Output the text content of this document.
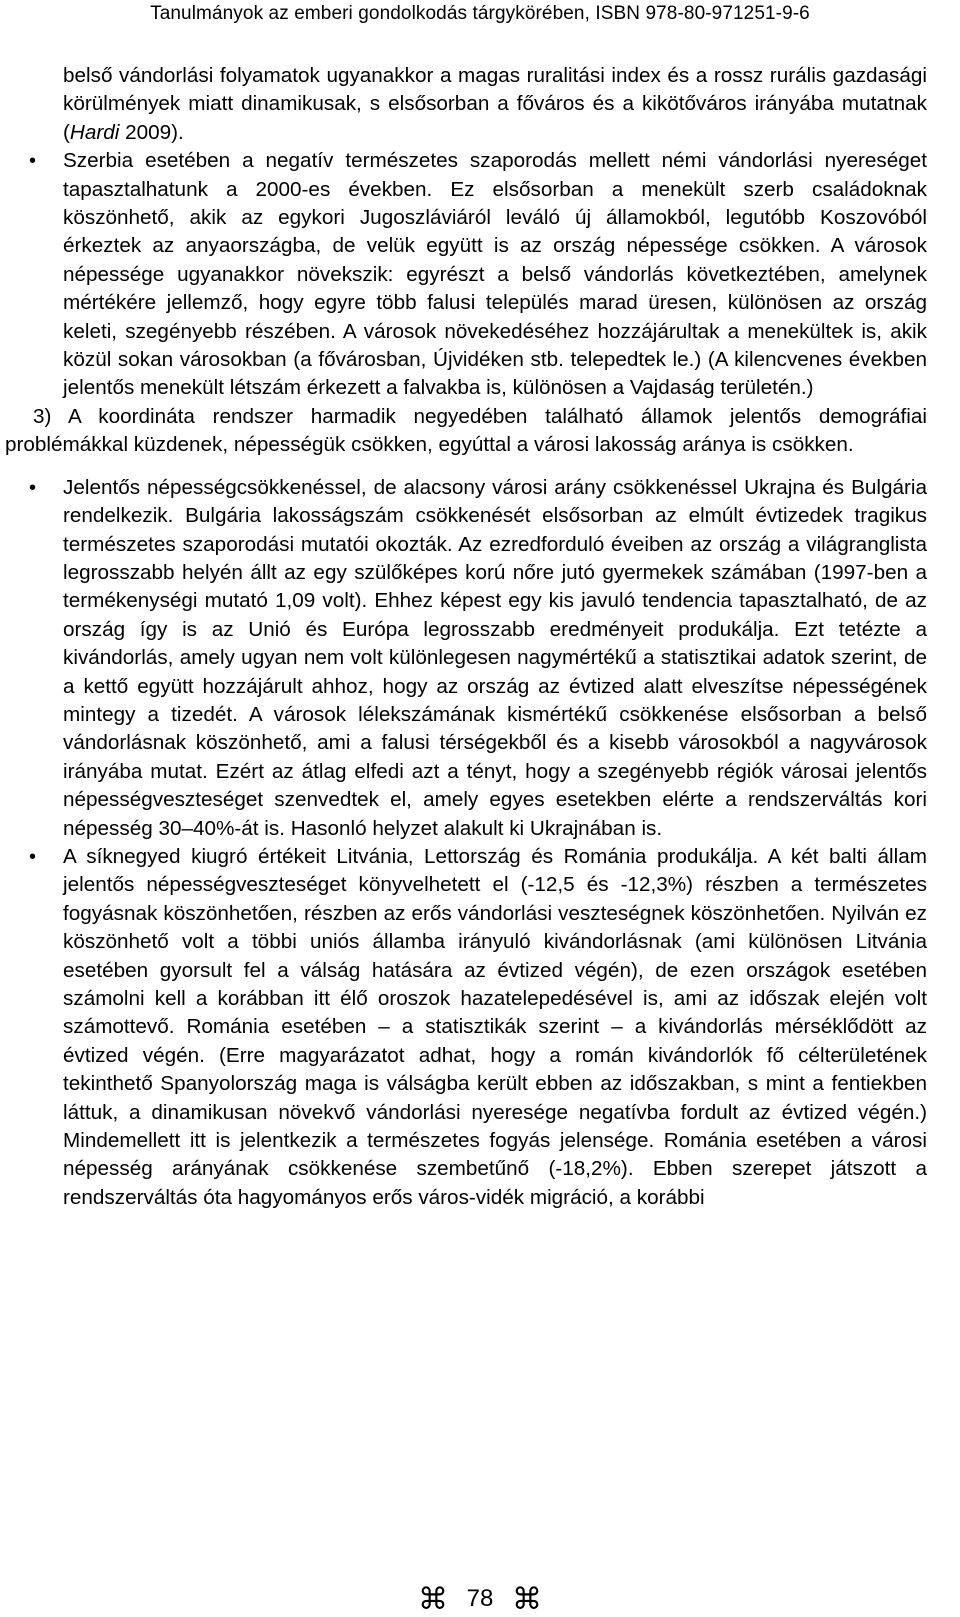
Tanulmányok az emberi gondolkodás tárgykörében, ISBN 978-80-971251-9-6

belső vándorlási folyamatok ugyanakkor a magas ruralitási index és a rossz rurális gazdasági körülmények miatt dinamikusak, s elsősorban a főváros és a kikötőváros irányába mutatnak (Hardi 2009).

• Szerbia esetében a negatív természetes szaporodás mellett némi vándorlási nyereséget tapasztalhatunk a 2000-es években. Ez elsősorban a menekült szerb családoknak köszönhető, akik az egykori Jugoszláviáról leváló új államokból, legutóbb Koszovóból érkeztek az anyaországba, de velük együtt is az ország népessége csökken. A városok népessége ugyanakkor növekszik: egyrészt a belső vándorlás következtében, amelynek mértékére jellemző, hogy egyre több falusi település marad üresen, különösen az ország keleti, szegényebb részében. A városok növekedéséhez hozzájárultak a menekültek is, akik közül sokan városokban (a fővárosban, Újvidéken stb. telepedtek le.) (A kilencvenes években jelentős menekült létszám érkezett a falvakba is, különösen a Vajdaság területén.)

3) A koordináta rendszer harmadik negyedében található államok jelentős demográfiai problémákkal küzdenek, népességük csökken, egyúttal a városi lakosság aránya is csökken.

• Jelentős népességcsökkenéssel, de alacsony városi arány csökkenéssel Ukrajna és Bulgária rendelkezik. Bulgária lakosságszám csökkenését elsősorban az elmúlt évtizedek tragikus természetes szaporodási mutatói okozták. Az ezredforduló éveiben az ország a világranglista legrosszabb helyén állt az egy szülőképes korú nőre jutó gyermekek számában (1997-ben a termékenységi mutató 1,09 volt). Ehhez képest egy kis javuló tendencia tapasztalható, de az ország így is az Unió és Európa legrosszabb eredményeit produkálja. Ezt tetézte a kivándorlás, amely ugyan nem volt különlegesen nagymértékű a statisztikai adatok szerint, de a kettő együtt hozzájárult ahhoz, hogy az ország az évtized alatt elveszítse népességének mintegy a tizedét. A városok lélekszámának kismértékű csökkenése elsősorban a belső vándorlásnak köszönhető, ami a falusi térségekből és a kisebb városokból a nagyvárosok irányába mutat. Ezért az átlag elfedi azt a tényt, hogy a szegényebb régiók városai jelentős népességveszteséget szenvedtek el, amely egyes esetekben elérte a rendszerváltás kori népesség 30–40%-át is. Hasonló helyzet alakult ki Ukrajnában is.

• A síknegyed kiugró értékeit Litvánia, Lettország és Románia produkálja. A két balti állam jelentős népességveszteséget könyvelhetett el (-12,5 és -12,3%) részben a természetes fogyásnak köszönhetően, részben az erős vándorlási veszteségnek köszönhetően. Nyilván ez köszönhető volt a többi uniós államba irányuló kivándorlásnak (ami különösen Litvánia esetében gyorsult fel a válság hatására az évtized végén), de ezen országok esetében számolni kell a korábban itt élő oroszok hazatelepedésével is, ami az időszak elején volt számottevő. Románia esetében – a statisztikák szerint – a kivándorlás mérséklődött az évtized végén. (Erre magyarázatot adhat, hogy a román kivándorlók fő célterületének tekinthető Spanyolország maga is válságba került ebben az időszakban, s mint a fentiekben láttuk, a dinamikusan növekvő vándorlási nyeresége negatívba fordult az évtized végén.) Mindemellett itt is jelentkezik a természetes fogyás jelensége. Románia esetében a városi népesség arányának csökkenése szembetűnő (-18,2%). Ebben szerepet játszott a rendszerváltás óta hagyományos erős város-vidék migráció, a korábbi

⌘ 78 ⌘
